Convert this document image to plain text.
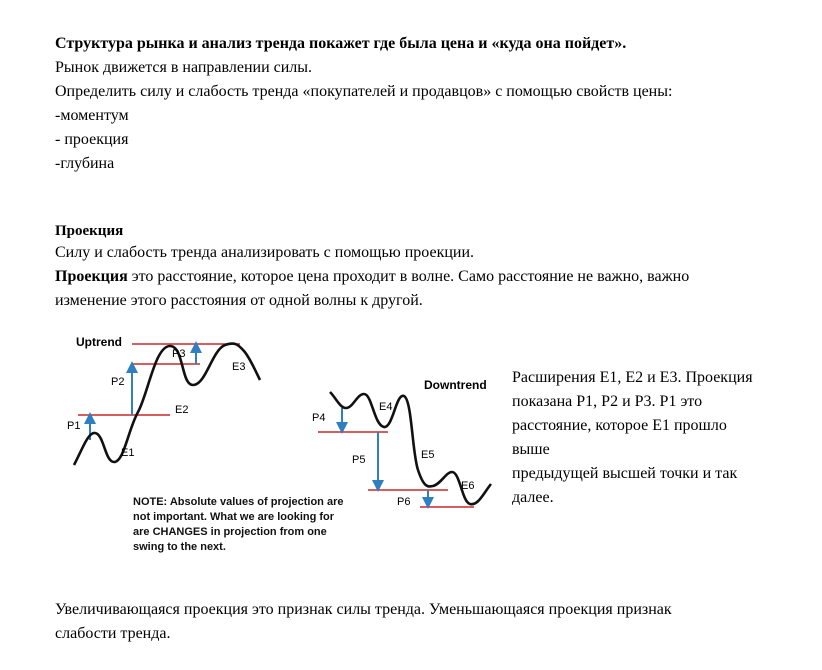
Структура рынка и анализ тренда покажет где была цена и «куда она пойдет».
Рынок движется в направлении силы.
Определить силу и слабость тренда «покупателей и продавцов» с помощью свойств цены:
-моментум
- проекция
-глубина
Проекция
Силу и слабость тренда анализировать с помощью проекции.
Проекция это расстояние, которое цена проходит в волне. Само расстояние не важно, важно
изменение этого расстояния от одной волны к другой.
Uptrend
P1
P2
P3
E1
E2
E3
Downtrend
P4
P5
P6
E4
E5
E6
NOTE: Absolute values of projection are not important. What we are looking for are CHANGES in projection from one swing to the next.
Расширения E1, E2 и E3. Проекция
показана P1, P2 и P3. P1 это
расстояние, которое E1 прошло
выше
предыдущей высшей точки и так
далее.
Увеличивающаяся проекция это признак силы тренда. Уменьшающаяся проекция признак
слабости тренда.
